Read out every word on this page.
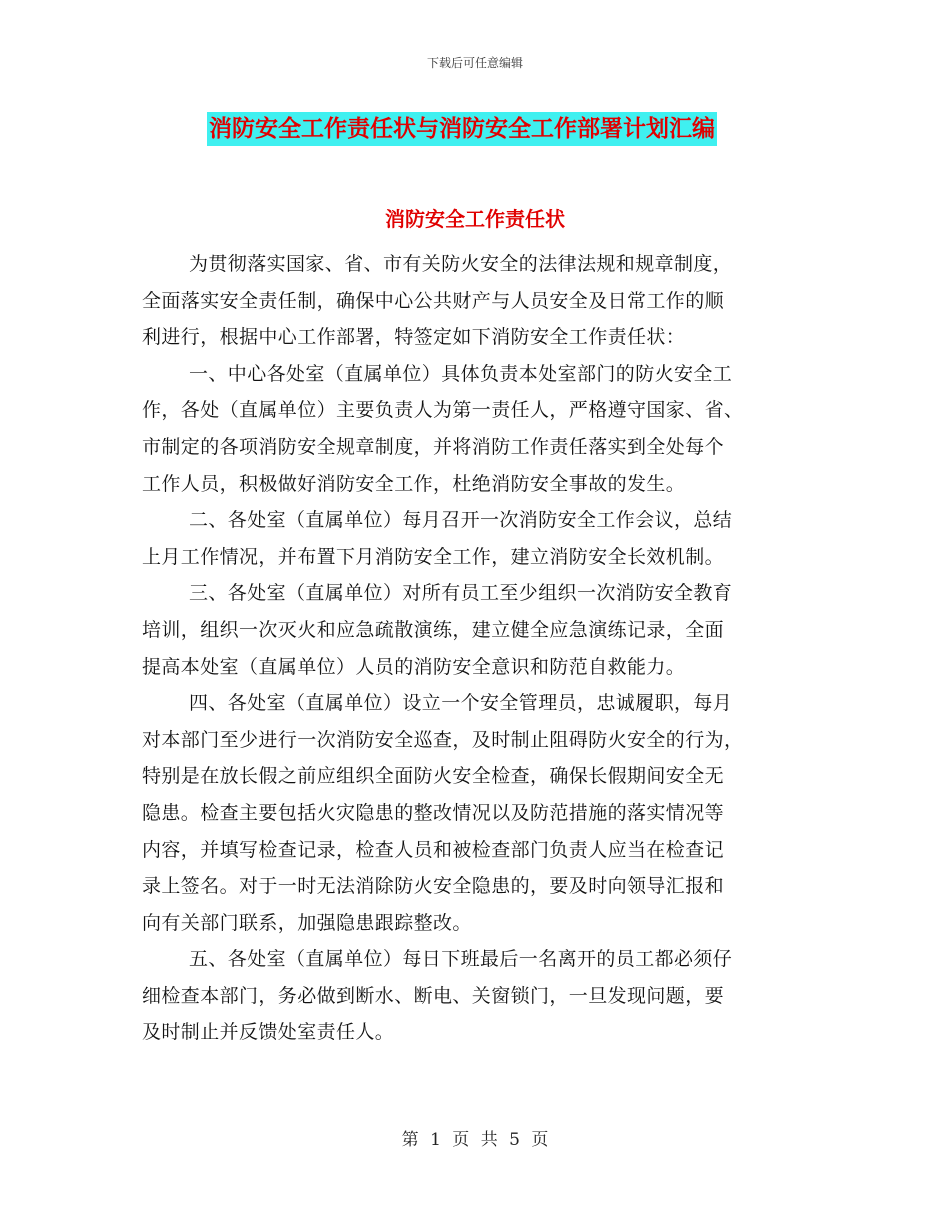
下载后可任意编辑
消防安全工作责任状与消防安全工作部署计划汇编
消防安全工作责任状
为贯彻落实国家、省、市有关防火安全的法律法规和规章制度，
全面落实安全责任制，确保中心公共财产与人员安全及日常工作的顺
利进行，根据中心工作部署，特签定如下消防安全工作责任状：
一、中心各处室（直属单位）具体负责本处室部门的防火安全工
作，各处（直属单位）主要负责人为第一责任人，严格遵守国家、省、
市制定的各项消防安全规章制度，并将消防工作责任落实到全处每个
工作人员，积极做好消防安全工作，杜绝消防安全事故的发生。
二、各处室（直属单位）每月召开一次消防安全工作会议，总结
上月工作情况，并布置下月消防安全工作，建立消防安全长效机制。
三、各处室（直属单位）对所有员工至少组织一次消防安全教育
培训，组织一次灭火和应急疏散演练，建立健全应急演练记录，全面
提高本处室（直属单位）人员的消防安全意识和防范自救能力。
四、各处室（直属单位）设立一个安全管理员，忠诚履职，每月
对本部门至少进行一次消防安全巡查，及时制止阻碍防火安全的行为，
特别是在放长假之前应组织全面防火安全检查，确保长假期间安全无
隐患。检查主要包括火灾隐患的整改情况以及防范措施的落实情况等
内容，并填写检查记录，检查人员和被检查部门负责人应当在检查记
录上签名。对于一时无法消除防火安全隐患的，要及时向领导汇报和
向有关部门联系，加强隐患跟踪整改。
五、各处室（直属单位）每日下班最后一名离开的员工都必须仔
细检查本部门，务必做到断水、断电、关窗锁门，一旦发现问题，要
及时制止并反馈处室责任人。
第 1 页 共 5 页
